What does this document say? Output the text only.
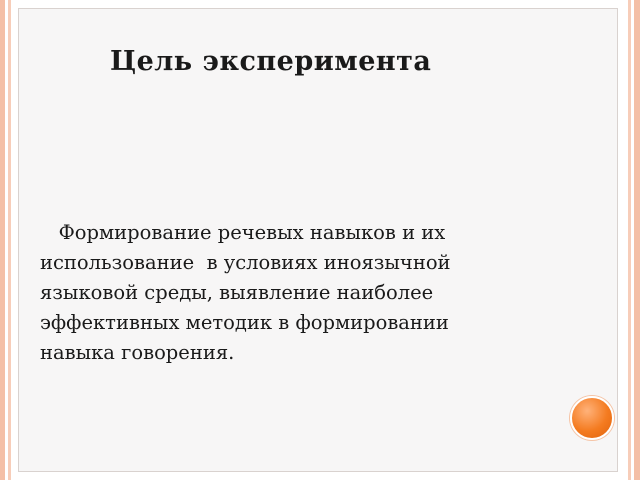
Цель эксперимента
Формирование речевых навыков и их
использование  в условиях иноязычной
языковой среды, выявление наиболее
эффективных методик в формировании
навыка говорения.
